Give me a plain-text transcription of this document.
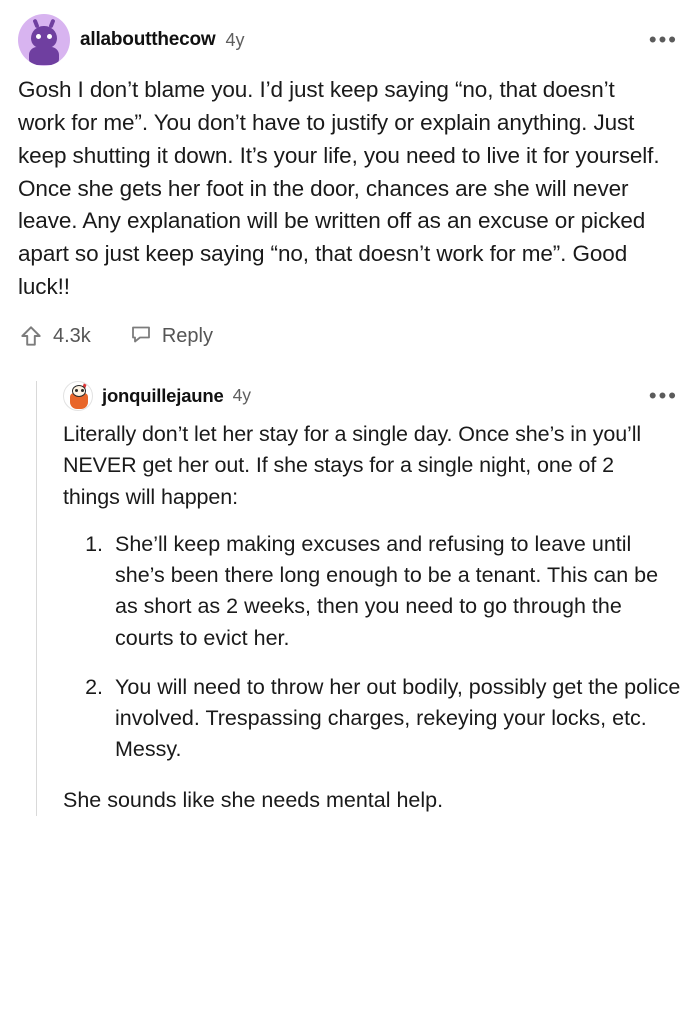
allaboutthecow 4y	•••
Gosh I don’t blame you. I’d just keep saying “no, that doesn’t work for me”. You don’t have to justify or explain anything. Just keep shutting it down. It’s your life, you need to live it for yourself. Once she gets her foot in the door, chances are she will never leave. Any explanation will be written off as an excuse or picked apart so just keep saying “no, that doesn’t work for me”. Good luck!!
4.3k	Reply
jonquillejaune 4y	•••
Literally don’t let her stay for a single day. Once she’s in you’ll NEVER get her out. If she stays for a single night, one of 2 things will happen:
1. She’ll keep making excuses and refusing to leave until she’s been there long enough to be a tenant. This can be as short as 2 weeks, then you need to go through the courts to evict her.
2. You will need to throw her out bodily, possibly get the police involved. Trespassing charges, rekeying your locks, etc. Messy.
She sounds like she needs mental help.
